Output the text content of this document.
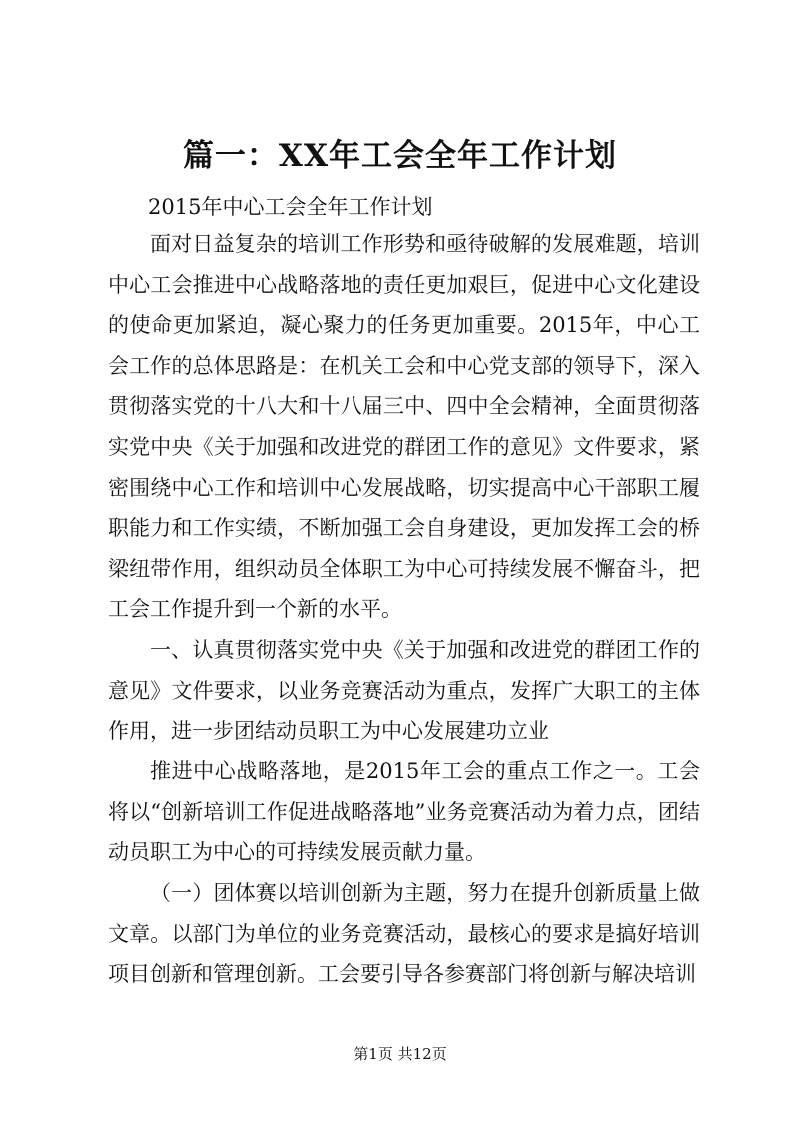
篇一：XX年工会全年工作计划
2015年中心工会全年工作计划

面对日益复杂的培训工作形势和亟待破解的发展难题，培训中心工会推进中心战略落地的责任更加艰巨，促进中心文化建设的使命更加紧迫，凝心聚力的任务更加重要。2015年，中心工会工作的总体思路是：在机关工会和中心党支部的领导下，深入贯彻落实党的十八大和十八届三中、四中全会精神，全面贯彻落实党中央《关于加强和改进党的群团工作的意见》文件要求，紧密围绕中心工作和培训中心发展战略，切实提高中心干部职工履职能力和工作实绩，不断加强工会自身建设，更加发挥工会的桥梁纽带作用，组织动员全体职工为中心可持续发展不懈奋斗，把工会工作提升到一个新的水平。

一、认真贯彻落实党中央《关于加强和改进党的群团工作的意见》文件要求，以业务竞赛活动为重点，发挥广大职工的主体作用，进一步团结动员职工为中心发展建功立业

推进中心战略落地，是2015年工会的重点工作之一。工会将以“创新培训工作促进战略落地”业务竞赛活动为着力点，团结动员职工为中心的可持续发展贡献力量。

（一）团体赛以培训创新为主题，努力在提升创新质量上做文章。以部门为单位的业务竞赛活动，最核心的要求是搞好培训项目创新和管理创新。工会要引导各参赛部门将创新与解决培训

第1页 共12页
